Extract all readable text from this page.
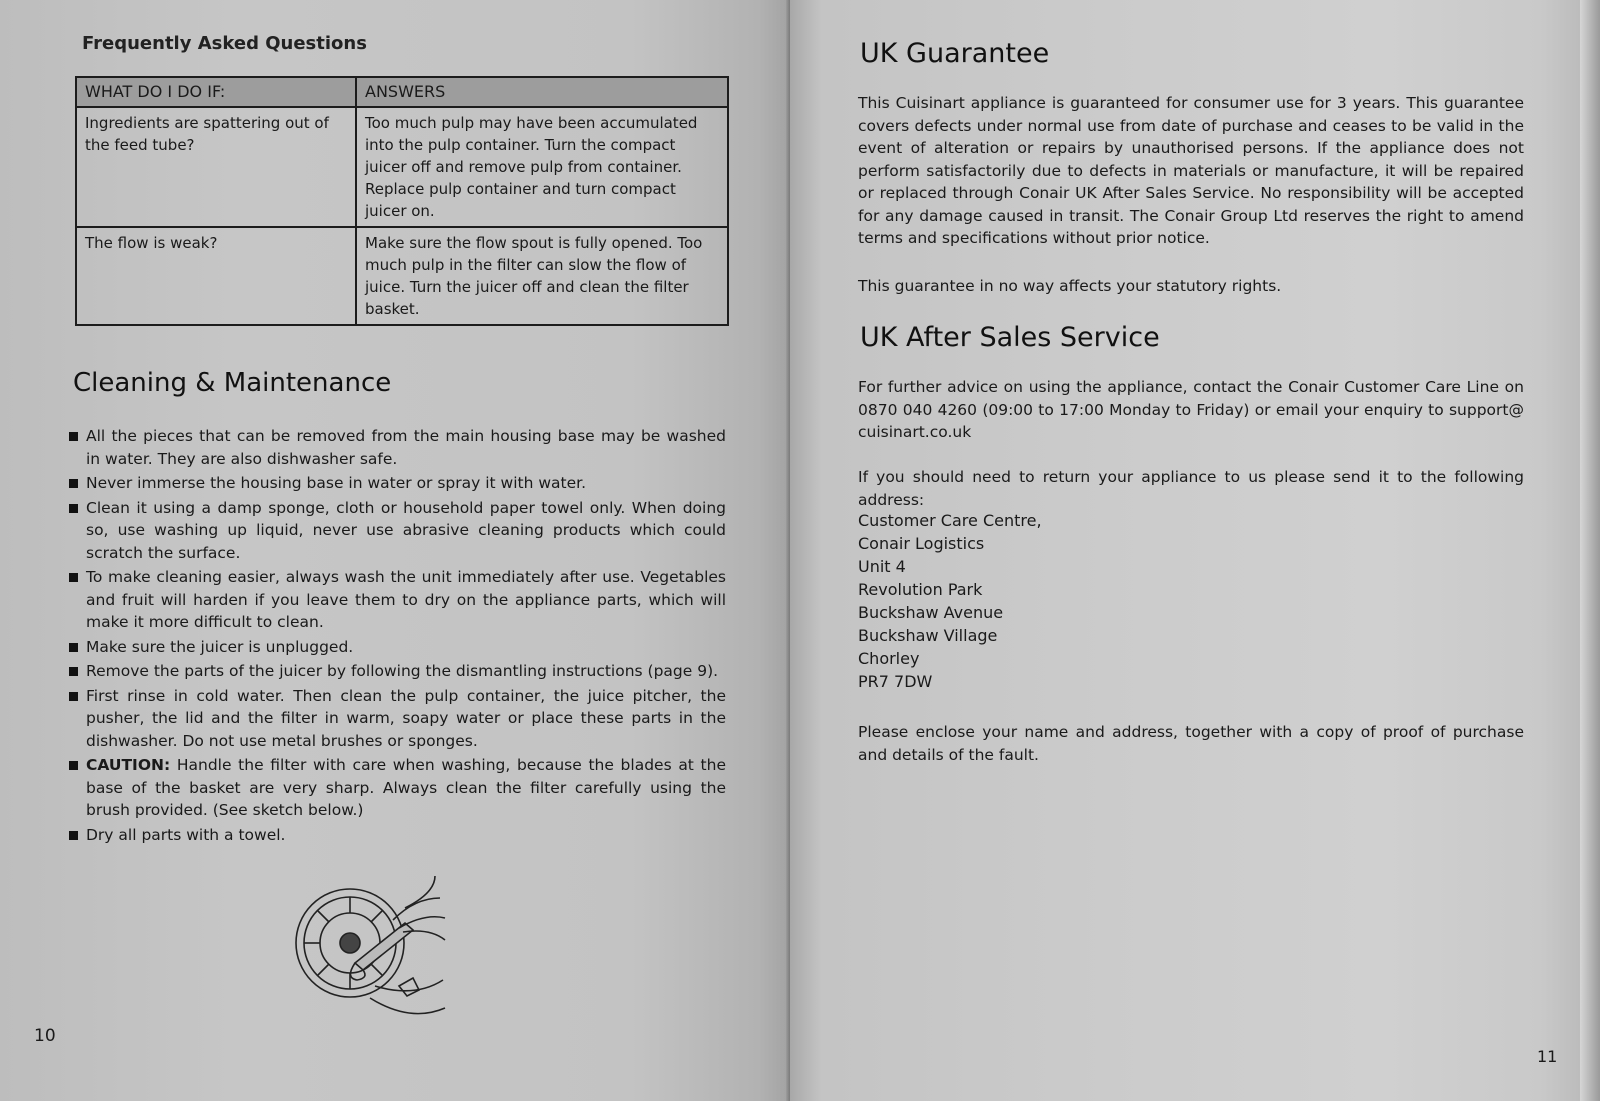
Frequently Asked Questions
WHAT DO I DO IF:	ANSWERS
Ingredients are spattering out of the feed tube?	Too much pulp may have been accumulated into the pulp container. Turn the compact juicer off and remove pulp from container. Replace pulp container and turn compact juicer on.
The flow is weak?	Make sure the flow spout is fully opened. Too much pulp in the filter can slow the flow of juice. Turn the juicer off and clean the filter basket.
Cleaning & Maintenance
All the pieces that can be removed from the main housing base may be washed in water. They are also dishwasher safe.
Never immerse the housing base in water or spray it with water.
Clean it using a damp sponge, cloth or household paper towel only. When doing so, use washing up liquid, never use abrasive cleaning products which could scratch the surface.
To make cleaning easier, always wash the unit immediately after use. Vegetables and fruit will harden if you leave them to dry on the appliance parts, which will make it more difficult to clean.
Make sure the juicer is unplugged.
Remove the parts of the juicer by following the dismantling instructions (page 9).
First rinse in cold water. Then clean the pulp container, the juice pitcher, the pusher, the lid and the filter in warm, soapy water or place these parts in the dishwasher. Do not use metal brushes or sponges.
CAUTION: Handle the filter with care when washing, because the blades at the base of the basket are very sharp. Always clean the filter carefully using the brush provided. (See sketch below.)
Dry all parts with a towel.
10
UK Guarantee

This Cuisinart appliance is guaranteed for consumer use for 3 years. This guarantee covers defects under normal use from date of purchase and ceases to be valid in the event of alteration or repairs by unauthorised persons. If the appliance does not perform satisfactorily due to defects in materials or manufacture, it will be repaired or replaced through Conair UK After Sales Service. No responsibility will be accepted for any damage caused in transit. The Conair Group Ltd reserves the right to amend terms and specifications without prior notice.

This guarantee in no way affects your statutory rights.

UK After Sales Service

For further advice on using the appliance, contact the Conair Customer Care Line on 0870 040 4260 (09:00 to 17:00 Monday to Friday) or email your enquiry to support@cuisinart.co.uk

If you should need to return your appliance to us please send it to the following address:

Customer Care Centre,
Conair Logistics
Unit 4
Revolution Park
Buckshaw Avenue
Buckshaw Village
Chorley
PR7 7DW

Please enclose your name and address, together with a copy of proof of purchase and details of the fault.

11
